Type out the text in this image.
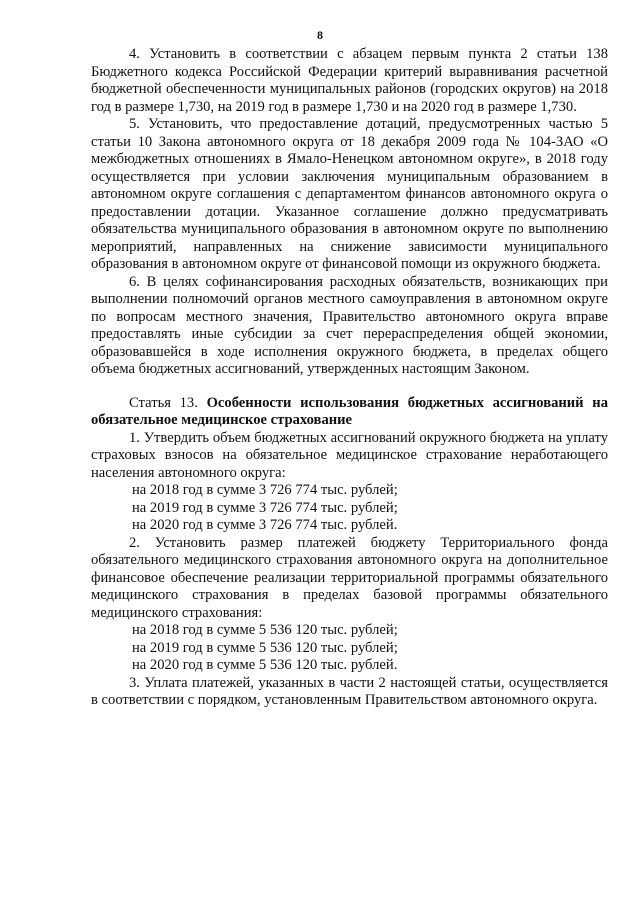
8

4. Установить в соответствии с абзацем первым пункта 2 статьи 138 Бюджетного кодекса Российской Федерации критерий выравнивания расчетной бюджетной обеспеченности муниципальных районов (городских округов) на 2018 год в размере 1,730, на 2019 год в размере 1,730 и на 2020 год в размере 1,730.

5. Установить, что предоставление дотаций, предусмотренных частью 5 статьи 10 Закона автономного округа от 18 декабря 2009 года № 104-ЗАО «О межбюджетных отношениях в Ямало-Ненецком автономном округе», в 2018 году осуществляется при условии заключения муниципальным образованием в автономном округе соглашения с департаментом финансов автономного округа о предоставлении дотации. Указанное соглашение должно предусматривать обязательства муниципального образования в автономном округе по выполнению мероприятий, направленных на снижение зависимости муниципального образования в автономном округе от финансовой помощи из окружного бюджета.

6. В целях софинансирования расходных обязательств, возникающих при выполнении полномочий органов местного самоуправления в автономном округе по вопросам местного значения, Правительство автономного округа вправе предоставлять иные субсидии за счет перераспределения общей экономии, образовавшейся в ходе исполнения окружного бюджета, в пределах общего объема бюджетных ассигнований, утвержденных настоящим Законом.

Статья 13. Особенности использования бюджетных ассигнований на обязательное медицинское страхование

1. Утвердить объем бюджетных ассигнований окружного бюджета на уплату страховых взносов на обязательное медицинское страхование неработающего населения автономного округа:

на 2018 год в сумме 3 726 774 тыс. рублей;

на 2019 год в сумме 3 726 774 тыс. рублей;

на 2020 год в сумме 3 726 774 тыс. рублей.

2. Установить размер платежей бюджету Территориального фонда обязательного медицинского страхования автономного округа на дополнительное финансовое обеспечение реализации территориальной программы обязательного медицинского страхования в пределах базовой программы обязательного медицинского страхования:

на 2018 год в сумме 5 536 120 тыс. рублей;

на 2019 год в сумме 5 536 120 тыс. рублей;

на 2020 год в сумме 5 536 120 тыс. рублей.

3. Уплата платежей, указанных в части 2 настоящей статьи, осуществляется в соответствии с порядком, установленным Правительством автономного округа.
